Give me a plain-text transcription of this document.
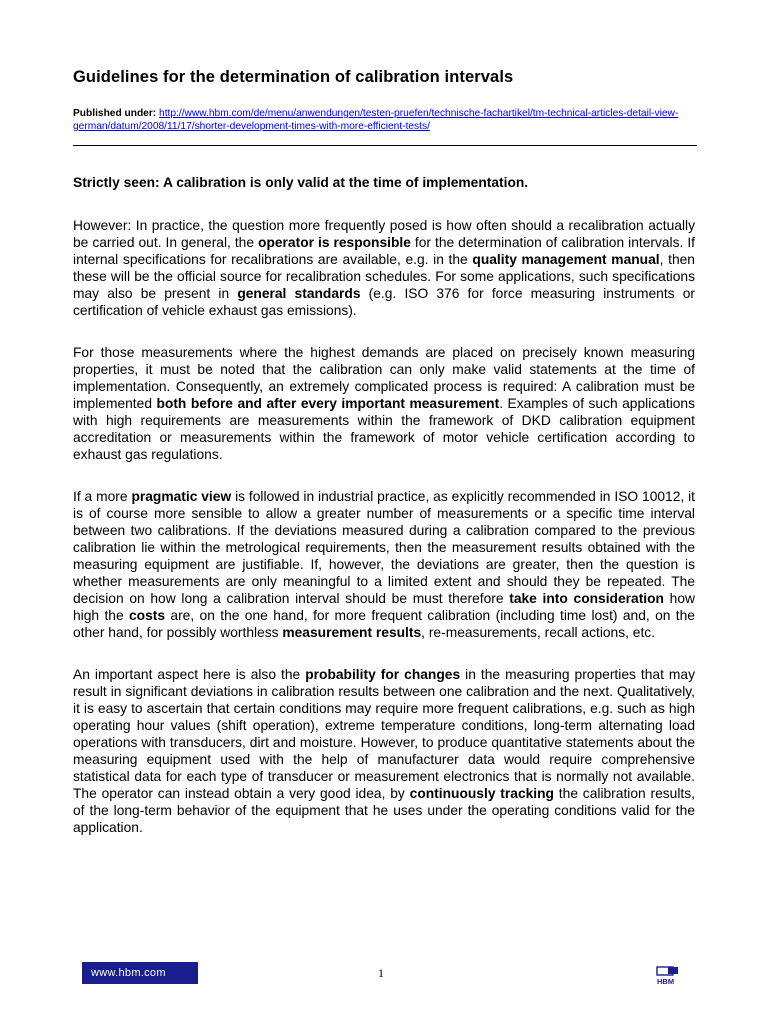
Guidelines for the determination of calibration intervals
Published under: http://www.hbm.com/de/menu/anwendungen/testen-pruefen/technische-fachartikel/tm-technical-articles-detail-view-german/datum/2008/11/17/shorter-development-times-with-more-efficient-tests/

Strictly seen: A calibration is only valid at the time of implementation.

However: In practice, the question more frequently posed is how often should a recalibration actually be carried out. In general, the operator is responsible for the determination of calibration intervals. If internal specifications for recalibrations are available, e.g. in the quality management manual, then these will be the official source for recalibration schedules. For some applications, such specifications may also be present in general standards (e.g. ISO 376 for force measuring instruments or certification of vehicle exhaust gas emissions).

For those measurements where the highest demands are placed on precisely known measuring properties, it must be noted that the calibration can only make valid statements at the time of implementation. Consequently, an extremely complicated process is required: A calibration must be implemented both before and after every important measurement. Examples of such applications with high requirements are measurements within the framework of DKD calibration equipment accreditation or measurements within the framework of motor vehicle certification according to exhaust gas regulations.

If a more pragmatic view is followed in industrial practice, as explicitly recommended in ISO 10012, it is of course more sensible to allow a greater number of measurements or a specific time interval between two calibrations. If the deviations measured during a calibration compared to the previous calibration lie within the metrological requirements, then the measurement results obtained with the measuring equipment are justifiable. If, however, the deviations are greater, then the question is whether measurements are only meaningful to a limited extent and should they be repeated. The decision on how long a calibration interval should be must therefore take into consideration how high the costs are, on the one hand, for more frequent calibration (including time lost) and, on the other hand, for possibly worthless measurement results, re-measurements, recall actions, etc.

An important aspect here is also the probability for changes in the measuring properties that may result in significant deviations in calibration results between one calibration and the next. Qualitatively, it is easy to ascertain that certain conditions may require more frequent calibrations, e.g. such as high operating hour values (shift operation), extreme temperature conditions, long-term alternating load operations with transducers, dirt and moisture. However, to produce quantitative statements about the measuring equipment used with the help of manufacturer data would require comprehensive statistical data for each type of transducer or measurement electronics that is normally not available. The operator can instead obtain a very good idea, by continuously tracking the calibration results, of the long-term behavior of the equipment that he uses under the operating conditions valid for the application.

www.hbm.com	1
HBM
